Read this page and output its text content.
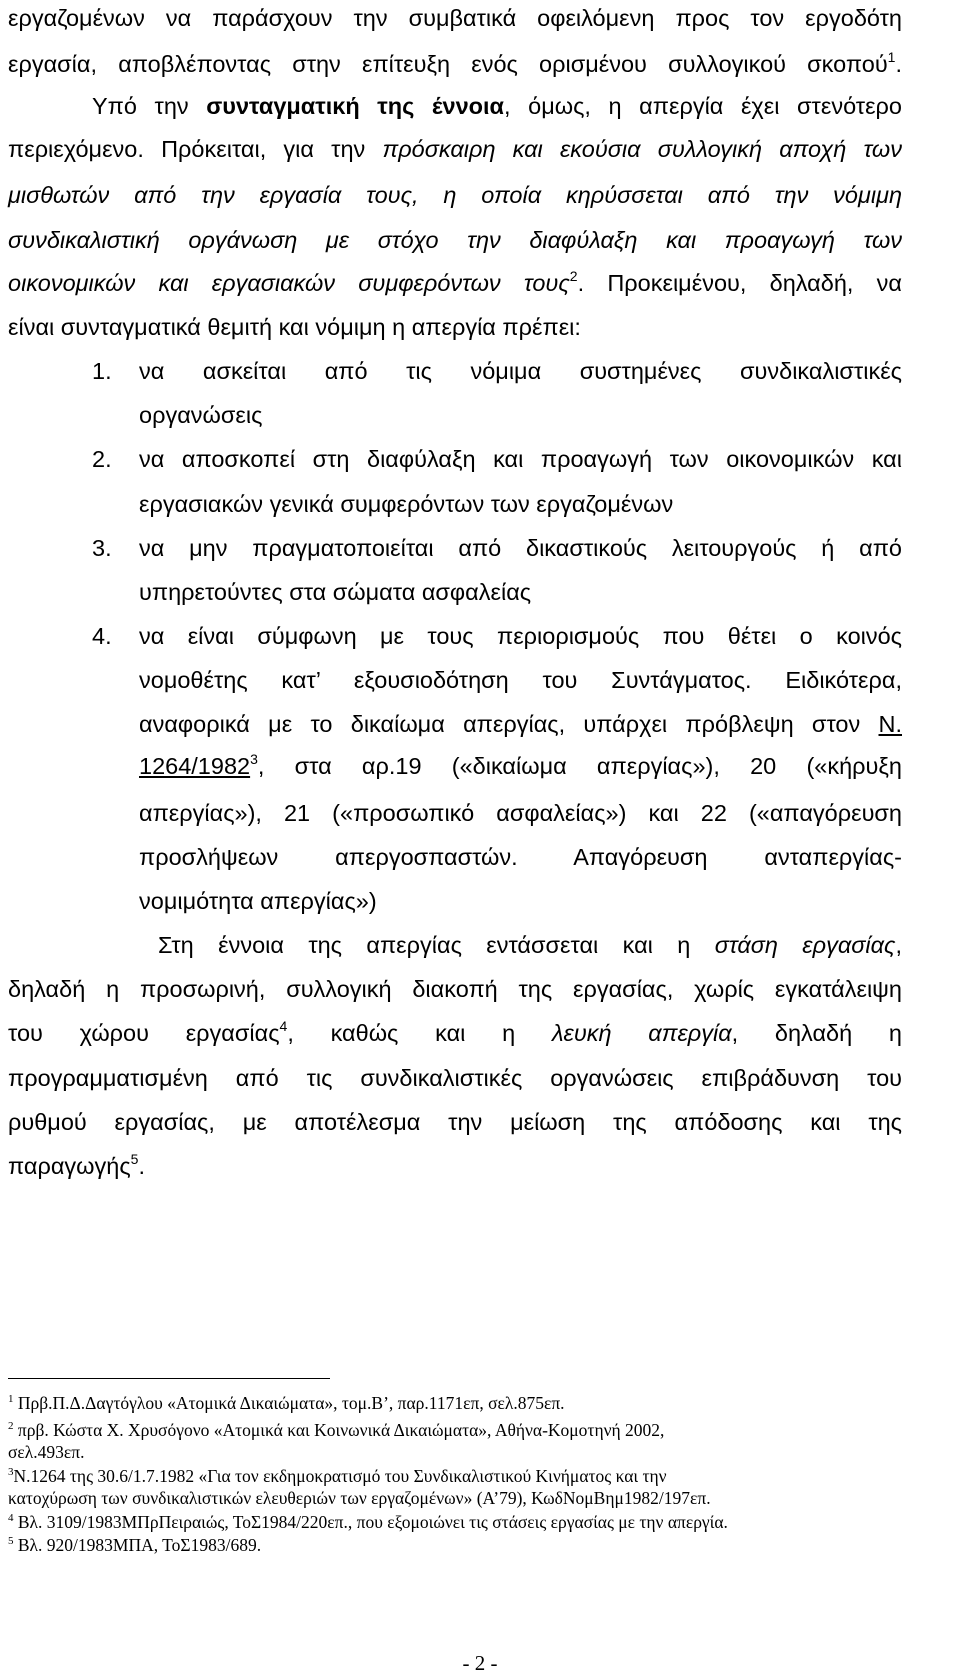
εργαζομένων να παράσχουν την συμβατικά οφειλόμενη προς τον εργοδότη
εργασία, αποβλέποντας στην επίτευξη ενός ορισμένου συλλογικού σκοπού$^1$.
Υπό την συνταγματική της έννοια, όμως, η απεργία έχει στενότερο
περιεχόμενο. Πρόκειται, για την πρόσκαιρη και εκούσια συλλογική αποχή των
μισθωτών από την εργασία τους, η οποία κηρύσσεται από την νόμιμη
συνδικαλιστική οργάνωση με στόχο την διαφύλαξη και προαγωγή των
οικονομικών και εργασιακών συμφερόντων τους$^2$. Προκειμένου, δηλαδή, να
είναι συνταγματικά θεμιτή και νόμιμη η απεργία πρέπει:
1.	να ασκείται από τις νόμιμα συστημένες συνδικαλιστικές
οργανώσεις
2.	να αποσκοπεί στη διαφύλαξη και προαγωγή των οικονομικών και
εργασιακών γενικά συμφερόντων των εργαζομένων
3.	να μην πραγματοποιείται από δικαστικούς λειτουργούς ή από
υπηρετούντες στα σώματα ασφαλείας
4.	να είναι σύμφωνη με τους περιορισμούς που θέτει ο κοινός
νομοθέτης κατ’ εξουσιοδότηση του Συντάγματος. Ειδικότερα,
αναφορικά με το δικαίωμα απεργίας, υπάρχει πρόβλεψη στον Ν.
1264/1982$^3$, στα αρ.19 («δικαίωμα απεργίας»), 20 («κήρυξη
απεργίας»), 21 («προσωπικό ασφαλείας») και 22 («απαγόρευση
προσλήψεων απεργοσπαστών. Απαγόρευση ανταπεργίας-
νομιμότητα απεργίας»)
Στη έννοια της απεργίας εντάσσεται και η στάση εργασίας,
δηλαδή η προσωρινή, συλλογική διακοπή της εργασίας, χωρίς εγκατάλειψη
του χώρου εργασίας$^4$, καθώς και η λευκή απεργία, δηλαδή η
προγραμματισμένη από τις συνδικαλιστικές οργανώσεις επιβράδυνση του
ρυθμού εργασίας, με αποτέλεσμα την μείωση της απόδοσης και της
παραγωγής$^5$.
$^1$ Πρβ.Π.Δ.Δαγτόγλου «Ατομικά Δικαιώματα», τομ.Β’, παρ.1171επ, σελ.875επ.
$^2$ πρβ. Κώστα Χ. Χρυσόγονο «Ατομικά και Κοινωνικά Δικαιώματα», Αθήνα-Κομοτηνή 2002,
σελ.493επ.
$^3$N.1264 της 30.6/1.7.1982 «Για τον εκδημοκρατισμό του Συνδικαλιστικού Κινήματος και την
κατοχύρωση των συνδικαλιστικών ελευθεριών των εργαζομένων» (Α’79), ΚωδΝομΒημ1982/197επ.
$^4$ Βλ. 3109/1983ΜΠρΠειραιώς, ΤοΣ1984/220επ., που εξομοιώνει τις στάσεις εργασίας με την απεργία.
$^5$ Βλ. 920/1983ΜΠΑ, ΤοΣ1983/689.
- 2 -
